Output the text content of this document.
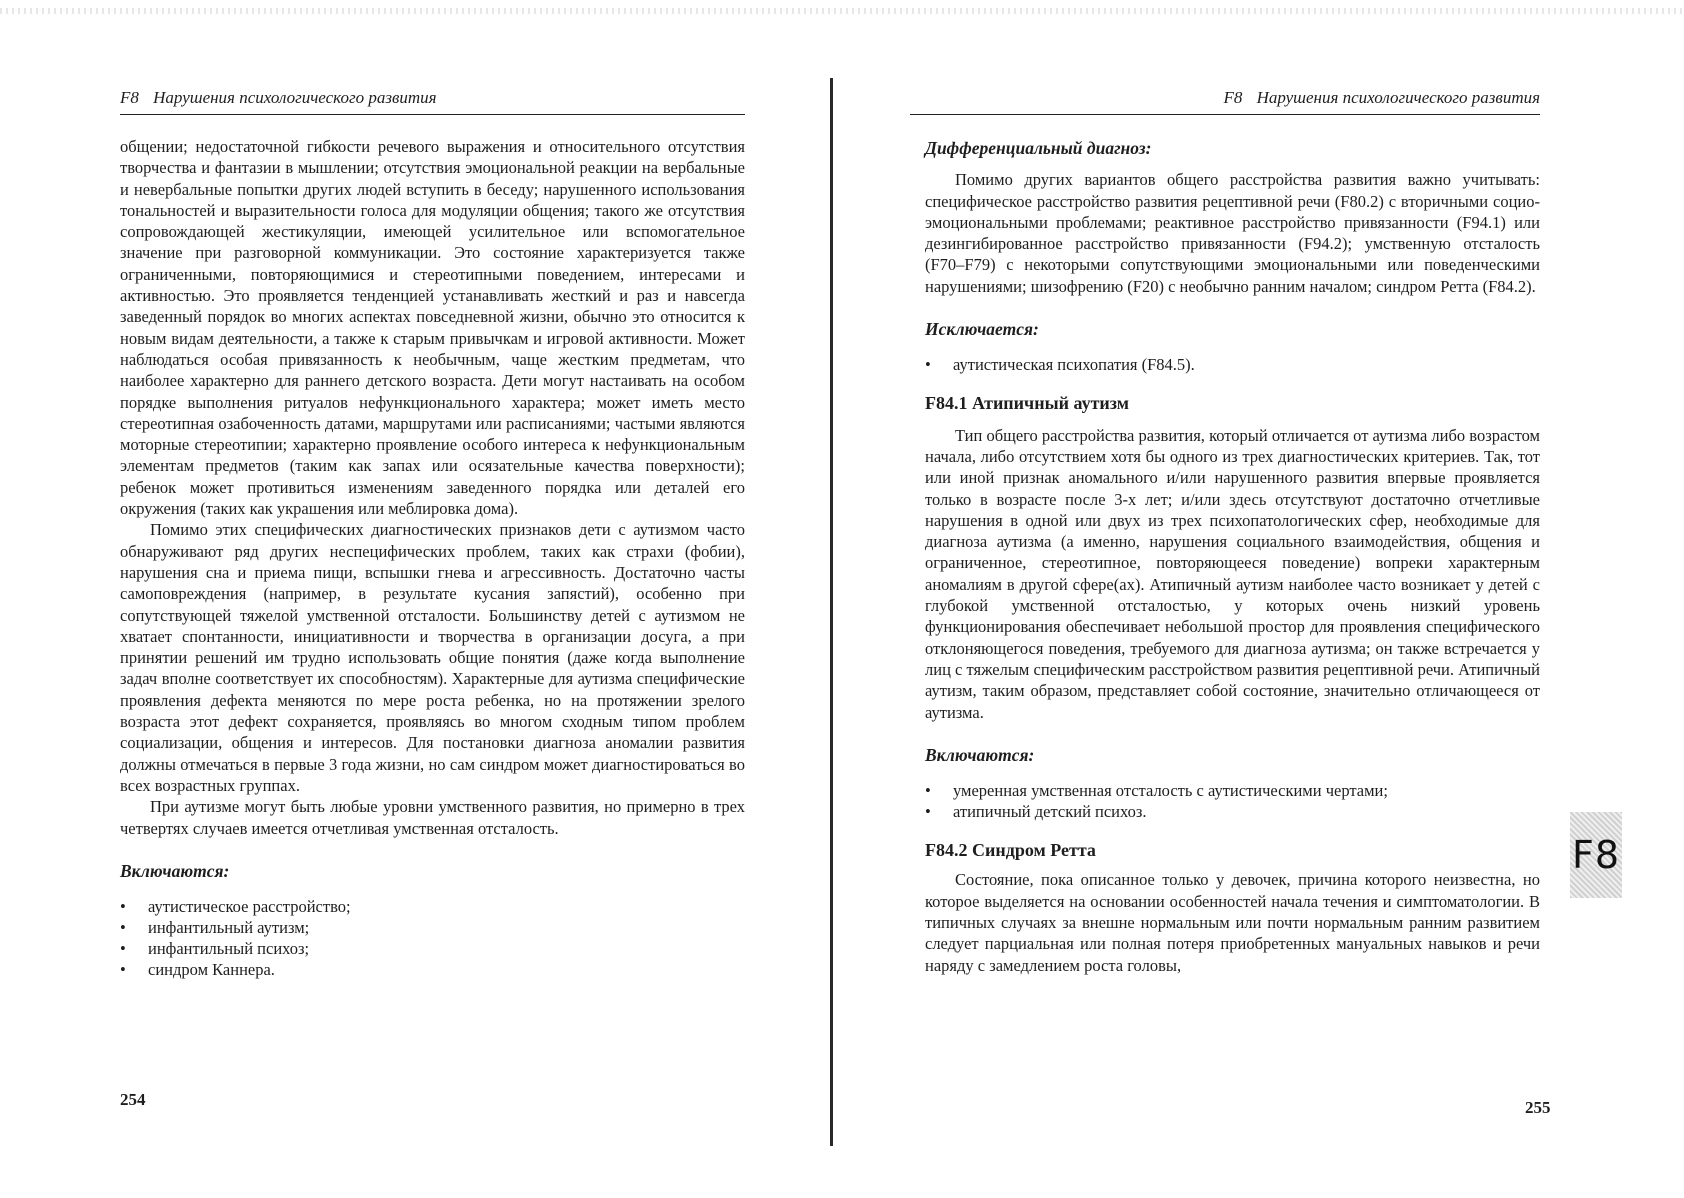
F8 Нарушения психологического развития

общении; недостаточной гибкости речевого выражения и относительного отсутствия творчества и фантазии в мышлении; отсутствия эмоциональной реакции на вербальные и невербальные попытки других людей вступить в беседу; нарушенного использования тональностей и выразительности голоса для модуляции общения; такого же отсутствия сопровождающей жестикуляции, имеющей усилительное или вспомогательное значение при разговорной коммуникации. Это состояние характеризуется также ограниченными, повторяющимися и стереотипными поведением, интересами и активностью. Это проявляется тенденцией устанавливать жесткий и раз и навсегда заведенный порядок во многих аспектах повседневной жизни, обычно это относится к новым видам деятельности, а также к старым привычкам и игровой активности. Может наблюдаться особая привязанность к необычным, чаще жестким предметам, что наиболее характерно для раннего детского возраста. Дети могут настаивать на особом порядке выполнения ритуалов нефункционального характера; может иметь место стереотипная озабоченность датами, маршрутами или расписаниями; частыми являются моторные стереотипии; характерно проявление особого интереса к нефункциональным элементам предметов (таким как запах или осязательные качества поверхности); ребенок может противиться изменениям заведенного порядка или деталей его окружения (таких как украшения или меблировка дома).

Помимо этих специфических диагностических признаков дети с аутизмом часто обнаруживают ряд других неспецифических проблем, таких как страхи (фобии), нарушения сна и приема пищи, вспышки гнева и агрессивность. Достаточно часты самоповреждения (например, в результате кусания запястий), особенно при сопутствующей тяжелой умственной отсталости. Большинству детей с аутизмом не хватает спонтанности, инициативности и творчества в организации досуга, а при принятии решений им трудно использовать общие понятия (даже когда выполнение задач вполне соответствует их способностям). Характерные для аутизма специфические проявления дефекта меняются по мере роста ребенка, но на протяжении зрелого возраста этот дефект сохраняется, проявляясь во многом сходным типом проблем социализации, общения и интересов. Для постановки диагноза аномалии развития должны отмечаться в первые 3 года жизни, но сам синдром может диагностироваться во всех возрастных группах.

При аутизме могут быть любые уровни умственного развития, но примерно в трех четвертях случаев имеется отчетливая умственная отсталость.

Включаются:

• аутистическое расстройство;
• инфантильный аутизм;
• инфантильный психоз;
• синдром Каннера.
254
F8 Нарушения психологического развития

Дифференциальный диагноз:

Помимо других вариантов общего расстройства развития важно учитывать: специфическое расстройство развития рецептивной речи (F80.2) с вторичными социо-эмоциональными проблемами; реактивное расстройство привязанности (F94.1) или дезингибированное расстройство привязанности (F94.2); умственную отсталость (F70–F79) с некоторыми сопутствующими эмоциональными или поведенческими нарушениями; шизофрению (F20) с необычно ранним началом; синдром Ретта (F84.2).

Исключается:

• аутистическая психопатия (F84.5).

F84.1 Атипичный аутизм

Тип общего расстройства развития, который отличается от аутизма либо возрастом начала, либо отсутствием хотя бы одного из трех диагностических критериев. Так, тот или иной признак аномального и/или нарушенного развития впервые проявляется только в возрасте после 3-х лет; и/или здесь отсутствуют достаточно отчетливые нарушения в одной или двух из трех психопатологических сфер, необходимые для диагноза аутизма (а именно, нарушения социального взаимодействия, общения и ограниченное, стереотипное, повторяющееся поведение) вопреки характерным аномалиям в другой сфере(ах). Атипичный аутизм наиболее часто возникает у детей с глубокой умственной отсталостью, у которых очень низкий уровень функционирования обеспечивает небольшой простор для проявления специфического отклоняющегося поведения, требуемого для диагноза аутизма; он также встречается у лиц с тяжелым специфическим расстройством развития рецептивной речи. Атипичный аутизм, таким образом, представляет собой состояние, значительно отличающееся от аутизма.

Включаются:

• умеренная умственная отсталость с аутистическими чертами;
• атипичный детский психоз.

F84.2 Синдром Ретта

Состояние, пока описанное только у девочек, причина которого неизвестна, но которое выделяется на основании особенностей начала течения и симптоматологии. В типичных случаях за внешне нормальным или почти нормальным ранним развитием следует парциальная или полная потеря приобретенных мануальных навыков и речи наряду с замедлением роста головы,

255
F8
